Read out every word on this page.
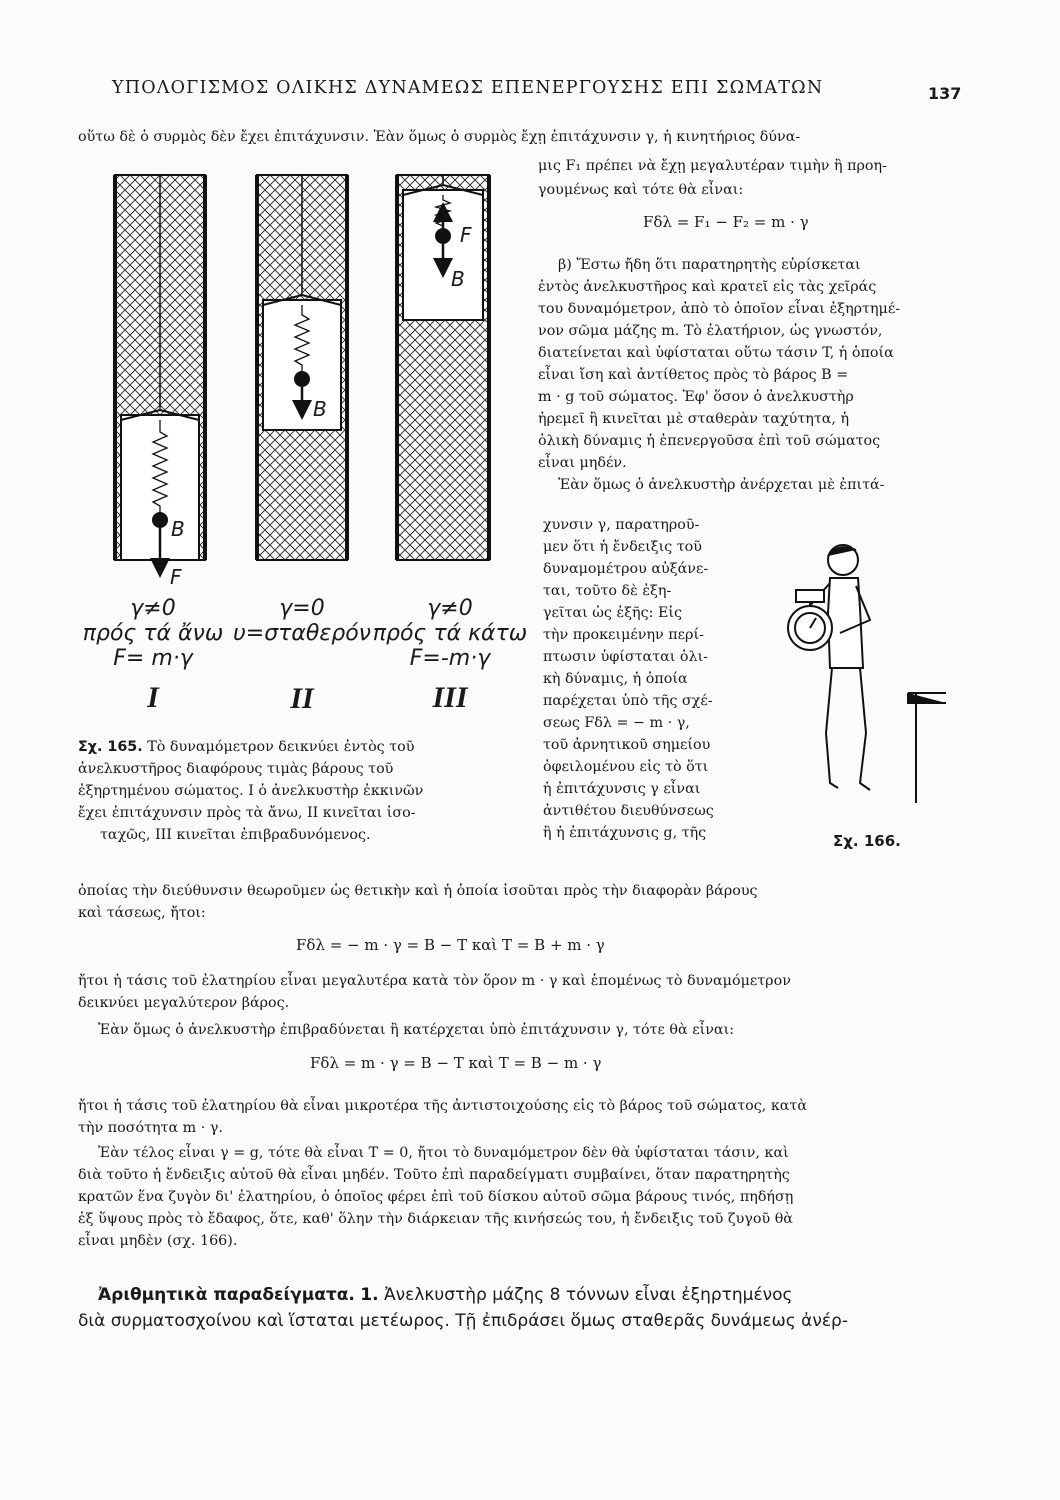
ΥΠΟΛΟΓΙΣΜΟΣ ΟΛΙΚΗΣ ΔΥΝΑΜΕΩΣ ΕΠΕΝΕΡΓΟΥΣΗΣ ΕΠΙ ΣΩΜΑΤΩΝ	137
οὕτω δὲ ὁ συρμὸς δὲν ἔχει ἐπιτάχυνσιν. Ἐὰν ὅμως ὁ συρμὸς ἔχῃ ἐπιτάχυνσιν γ, ἡ κινητήριος δύνα-
μις F₁ πρέπει νὰ ἔχῃ μεγαλυτέραν τιμὴν ἢ προη-
γουμένως καὶ τότε θὰ εἶναι:
Fδλ = F₁ − F₂ = m · γ
β) Ἔστω ἤδη ὅτι παρατηρητὴς εὑρίσκεται
ἐντὸς ἀνελκυστῆρος καὶ κρατεῖ εἰς τὰς χεῖράς
του δυναμόμετρον, ἀπὸ τὸ ὁποῖον εἶναι ἐξηρτημέ-
νον σῶμα μάζης m. Τὸ ἐλατήριον, ὡς γνωστόν,
διατείνεται καὶ ὑφίσταται οὕτω τάσιν T, ἡ ὁποία
εἶναι ἴση καὶ ἀντίθετος πρὸς τὸ βάρος B =
m · g τοῦ σώματος. Ἐφ' ὅσον ὁ ἀνελκυστὴρ
ἠρεμεῖ ἢ κινεῖται μὲ σταθερὰν ταχύτητα, ἡ
ὁλικὴ δύναμις ἡ ἐπενεργοῦσα ἐπὶ τοῦ σώματος
εἶναι μηδέν.
Ἐὰν ὅμως ὁ ἀνελκυστὴρ ἀνέρχεται μὲ ἐπιτά-
χυνσιν γ, παρατηροῦ-
μεν ὅτι ἡ ἔνδειξις τοῦ
δυναμομέτρου αὐξάνε-
ται, τοῦτο δὲ ἐξη-
γεῖται ὡς ἑξῆς: Εἰς
τὴν προκειμένην περί-
πτωσιν ὑφίσταται ὁλι-
κὴ δύναμις, ἡ ὁποία
παρέχεται ὑπὸ τῆς σχέ-
σεως Fδλ = − m · γ,
τοῦ ἀρνητικοῦ σημείου
ὀφειλομένου εἰς τὸ ὅτι
ἡ ἐπιτάχυνσις γ εἶναι
ἀντιθέτου διευθύνσεως
ἢ ἡ ἐπιτάχυνσις g, τῆς
B
F
B
F
B
γ≠0
πρός τά ἄνω
F= m·γ
I
γ=0
υ=σταθερόν
II
γ≠0
πρός τά κάτω
F=-m·γ
III
Σχ. 165. Τὸ δυναμόμετρον δεικνύει ἐντὸς τοῦ
ἀνελκυστῆρος διαφόρους τιμὰς βάρους τοῦ
ἐξηρτημένου σώματος. I ὁ ἀνελκυστὴρ ἐκκινῶν
ἔχει ἐπιτάχυνσιν πρὸς τὰ ἄνω, II κινεῖται ἰσο-
ταχῶς, III κινεῖται ἐπιβραδυνόμενος.	Σχ. 166.
ὁποίας τὴν διεύθυνσιν θεωροῦμεν ὡς θετικὴν καὶ ἡ ὁποία ἰσοῦται πρὸς τὴν διαφορὰν βάρους
καὶ τάσεως, ἤτοι:
Fδλ = − m · γ = B − T καὶ T = B + m · γ
ἤτοι ἡ τάσις τοῦ ἐλατηρίου εἶναι μεγαλυτέρα κατὰ τὸν ὅρον m · γ καὶ ἑπομένως τὸ δυναμόμετρον
δεικνύει μεγαλύτερον βάρος.
Ἐὰν ὅμως ὁ ἀνελκυστὴρ ἐπιβραδύνεται ἢ κατέρχεται ὑπὸ ἐπιτάχυνσιν γ, τότε θὰ εἶναι:
Fδλ = m · γ = B − T καὶ T = B − m · γ
ἤτοι ἡ τάσις τοῦ ἐλατηρίου θὰ εἶναι μικροτέρα τῆς ἀντιστοιχούσης εἰς τὸ βάρος τοῦ σώματος, κατὰ
τὴν ποσότητα m · γ.
Ἐὰν τέλος εἶναι γ = g, τότε θὰ εἶναι T = 0, ἤτοι τὸ δυναμόμετρον δὲν θὰ ὑφίσταται τάσιν, καὶ
διὰ τοῦτο ἡ ἔνδειξις αὐτοῦ θὰ εἶναι μηδέν. Τοῦτο ἐπὶ παραδείγματι συμβαίνει, ὅταν παρατηρητὴς
κρατῶν ἕνα ζυγὸν δι' ἐλατηρίου, ὁ ὁποῖος φέρει ἐπὶ τοῦ δίσκου αὐτοῦ σῶμα βάρους τινός, πηδήσῃ
ἐξ ὕψους πρὸς τὸ ἔδαφος, ὅτε, καθ' ὅλην τὴν διάρκειαν τῆς κινήσεώς του, ἡ ἔνδειξις τοῦ ζυγοῦ θὰ
εἶναι μηδὲν (σχ. 166).
Ἀριθμητικὰ παραδείγματα. 1. Ἀνελκυστὴρ μάζης 8 τόννων εἶναι ἐξηρτημένος
διὰ συρματοσχοίνου καὶ ἵσταται μετέωρος. Τῇ ἐπιδράσει ὅμως σταθερᾶς δυνάμεως ἀνέρ-
